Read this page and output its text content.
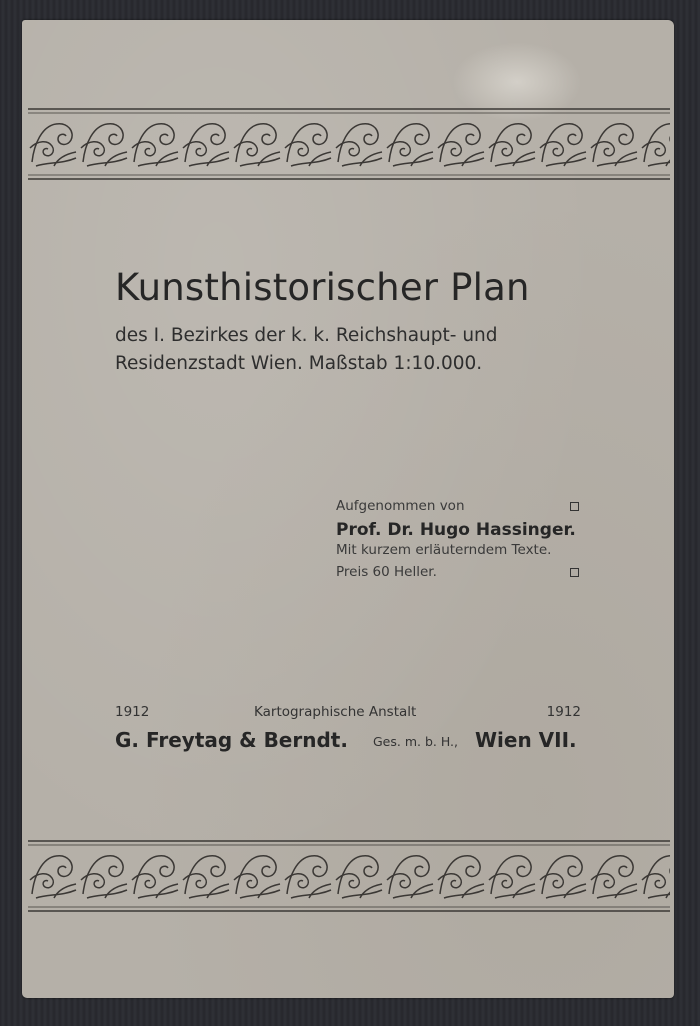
Kunsthistorischer Plan
des I. Bezirkes der k. k. Reichshaupt- und
Residenzstadt Wien. Maßstab 1:10.000.
Aufgenommen von
Prof. Dr. Hugo Hassinger.
Mit kurzem erläuterndem Texte.
Preis 60 Heller.
1912	Kartographische Anstalt	1912
G. Freytag & Berndt. Ges. m. b. H., Wien VII.
